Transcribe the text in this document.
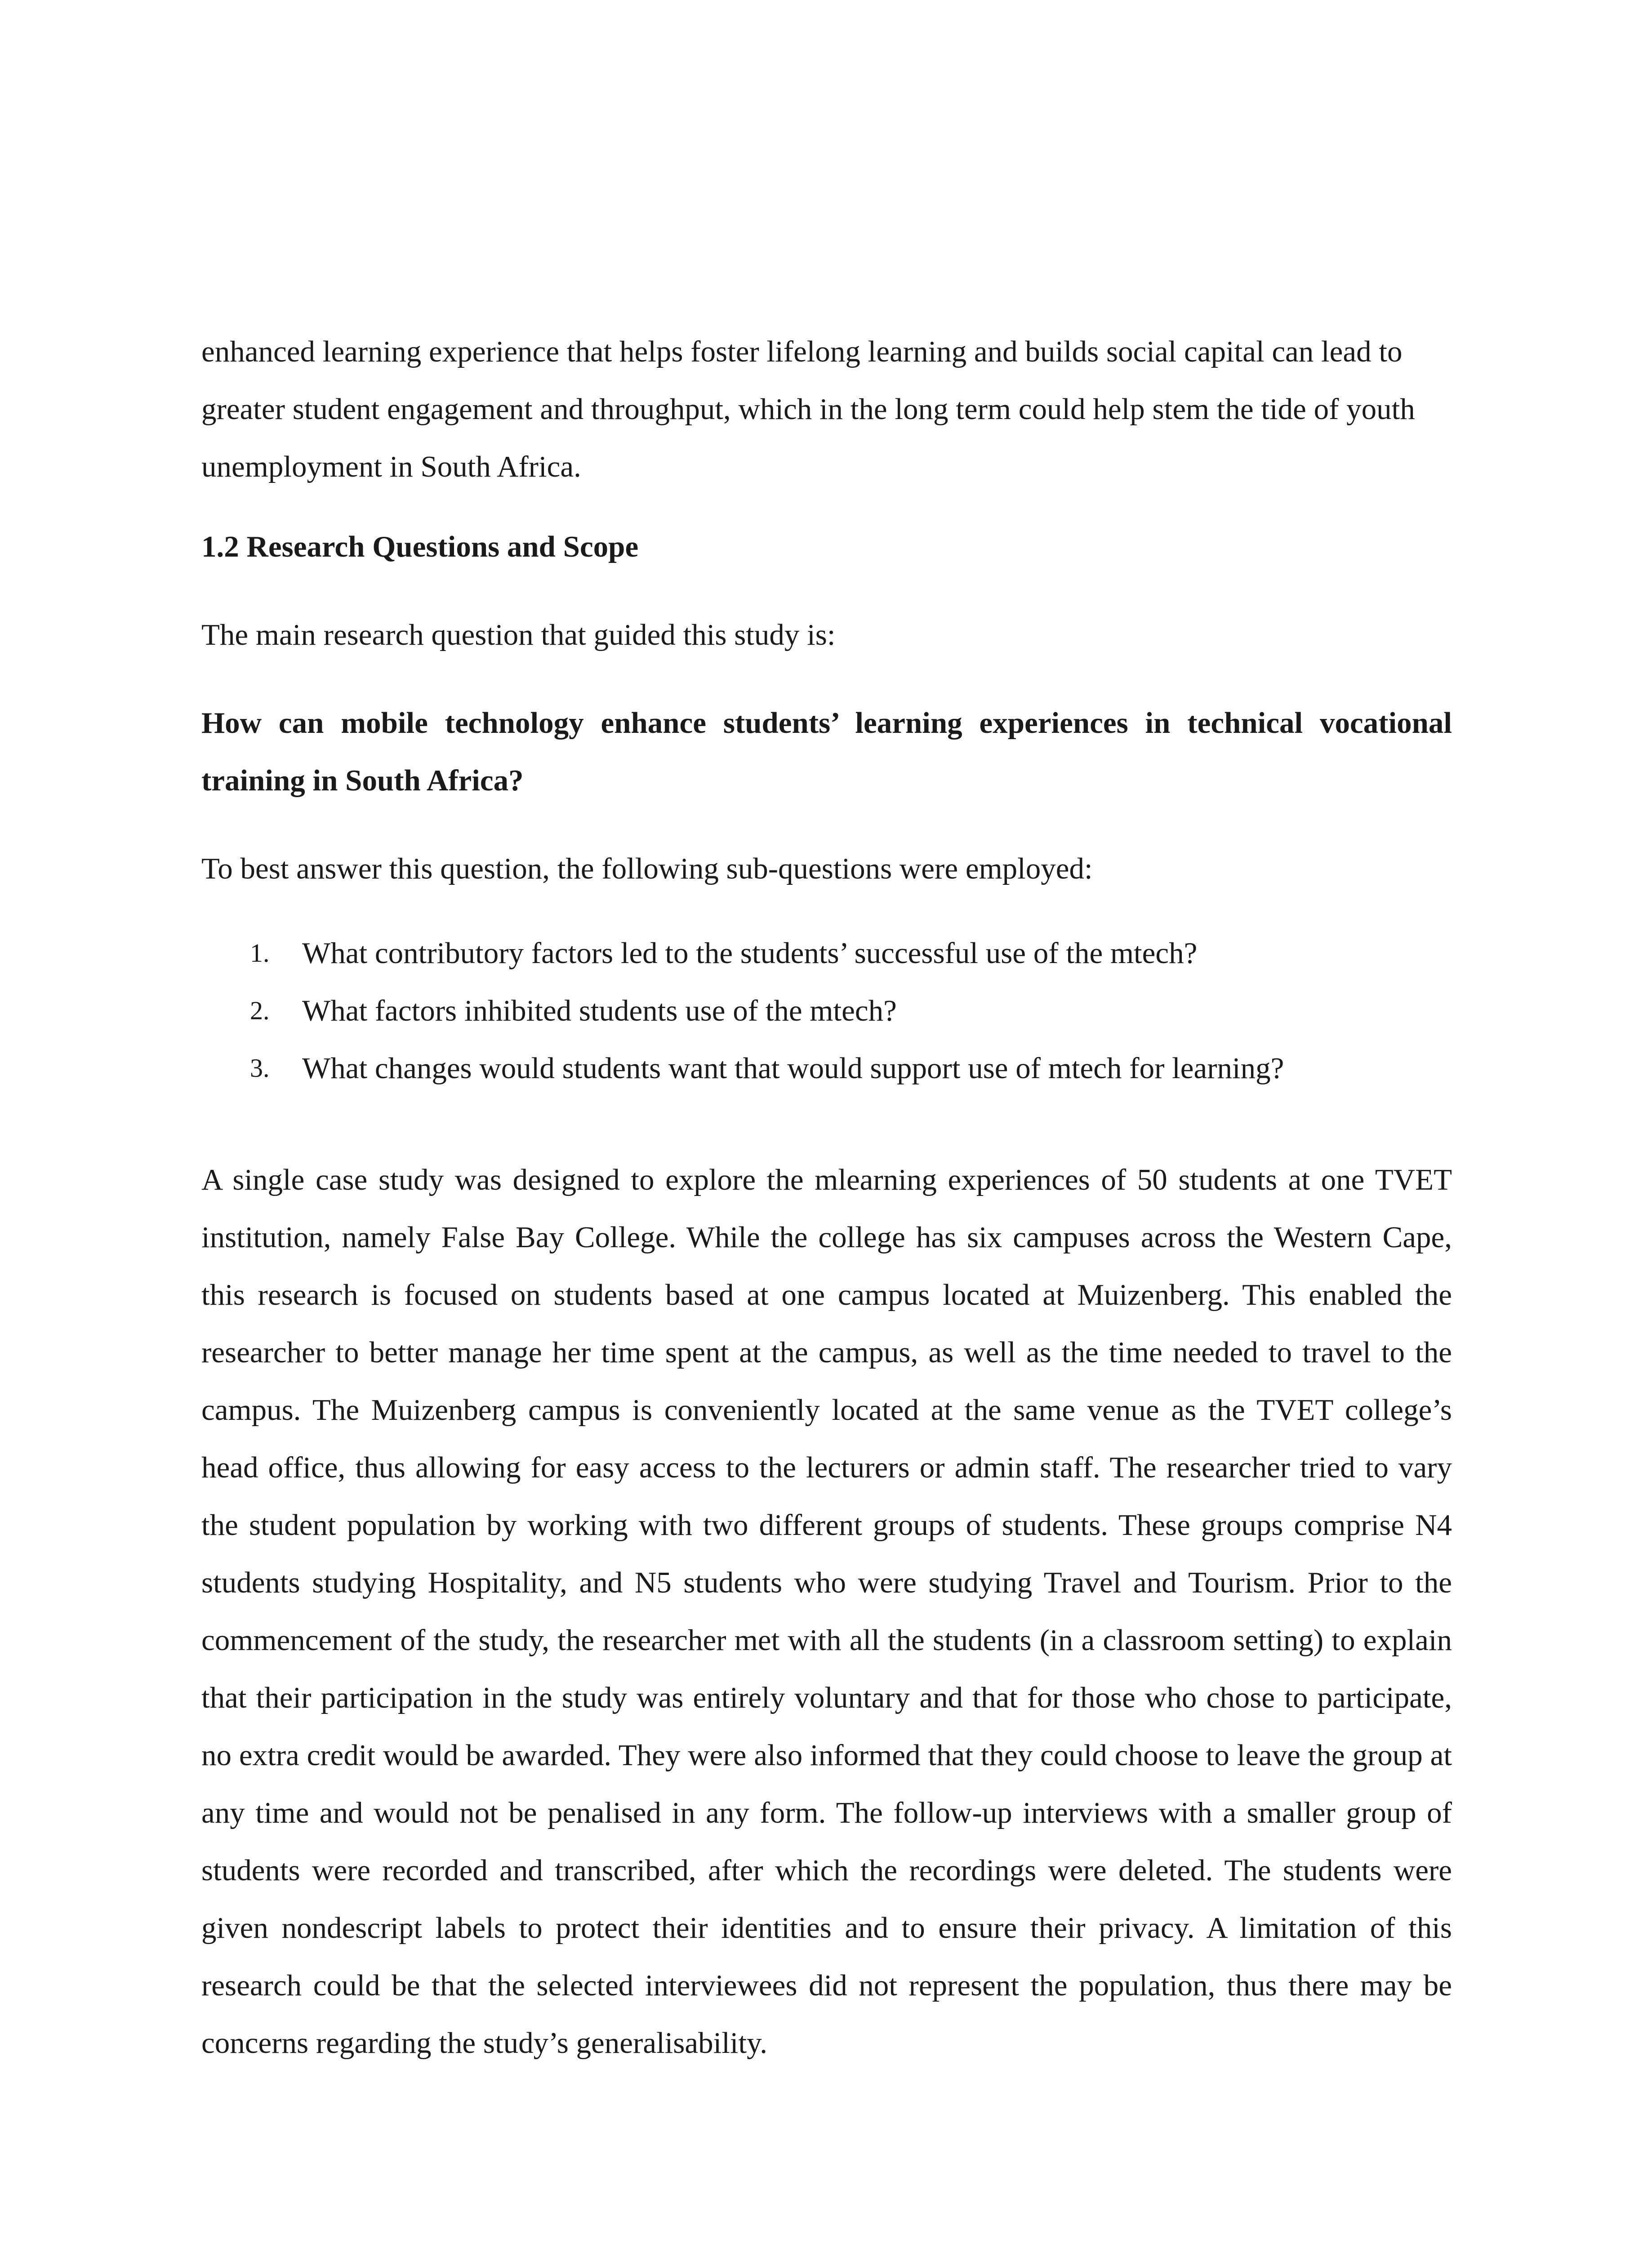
enhanced learning experience that helps foster lifelong learning and builds social capital can lead to greater student engagement and throughput, which in the long term could help stem the tide of youth unemployment in South Africa.

1.2 Research Questions and Scope

The main research question that guided this study is:

How can mobile technology enhance students’ learning experiences in technical vocational training in South Africa?

To best answer this question, the following sub-questions were employed:

1. What contributory factors led to the students’ successful use of the mtech?
2. What factors inhibited students use of the mtech?
3. What changes would students want that would support use of mtech for learning?

A single case study was designed to explore the mlearning experiences of 50 students at one TVET institution, namely False Bay College. While the college has six campuses across the Western Cape, this research is focused on students based at one campus located at Muizenberg. This enabled the researcher to better manage her time spent at the campus, as well as the time needed to travel to the campus. The Muizenberg campus is conveniently located at the same venue as the TVET college’s head office, thus allowing for easy access to the lecturers or admin staff. The researcher tried to vary the student population by working with two different groups of students. These groups comprise N4 students studying Hospitality, and N5 students who were studying Travel and Tourism. Prior to the commencement of the study, the researcher met with all the students (in a classroom setting) to explain that their participation in the study was entirely voluntary and that for those who chose to participate, no extra credit would be awarded. They were also informed that they could choose to leave the group at any time and would not be penalised in any form. The follow-up interviews with a smaller group of students were recorded and transcribed, after which the recordings were deleted. The students were given nondescript labels to protect their identities and to ensure their privacy. A limitation of this research could be that the selected interviewees did not represent the population, thus there may be concerns regarding the study’s generalisability.
